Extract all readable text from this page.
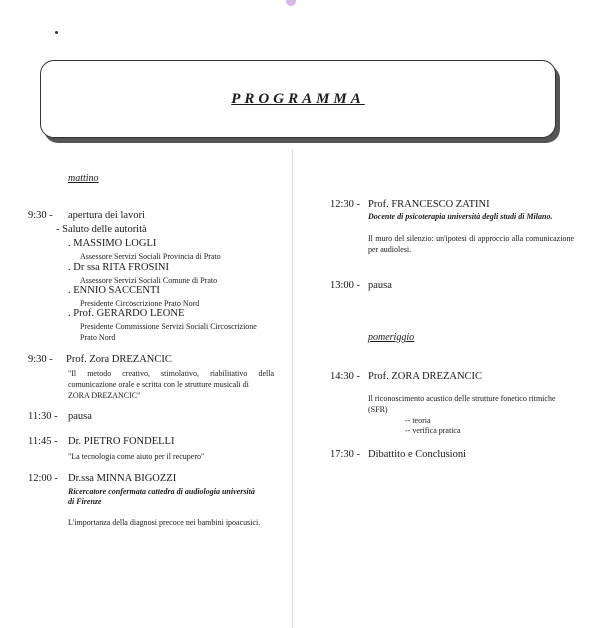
PROGRAMMA
mattino
9:30 - apertura dei lavori
- Saluto delle autorità
. MASSIMO LOGLI
Assessore Servizi Sociali Provincia di Prato
. Dr ssa RITA FROSINI
Assessore Servizi Sociali Comune di Prato
. ENNIO SACCENTI
Presidente Circoscrizione Prato Nord
. Prof. GERARDO LEONE
Presidente Commissione Servizi Sociali Circoscrizione
Prato Nord
9:30 - Prof. Zora DREZANCIC
"Il metodo creativo, stimolativo, riabilitativo della
comunicazione orale e scritta con le strutture musicali di
ZORA DREZANCIC"
11:30 - pausa
11:45 - Dr. PIETRO FONDELLI
"La tecnologia come aiuto per il recupero"
12:00 - Dr.ssa MINNA BIGOZZI
Ricercatore confermata cattedra di audiologia università
di Firenze
L'importanza della diagnosi precoce nei bambini ipoacusici.
12:30 - Prof. FRANCESCO ZATINI
Docente di psicoterapia università degli studi di Milano.
Il muro del silenzio: un'ipotesi di approccio alla comunicazione per audiolesi.
13:00 - pausa
pomeriggio
14:30 - Prof. ZORA DREZANCIC
Il riconoscimento acustico delle strutture fonetico ritmiche
(SFR)
-- teoria
-- verifica pratica
17:30 - Dibattito e Conclusioni
